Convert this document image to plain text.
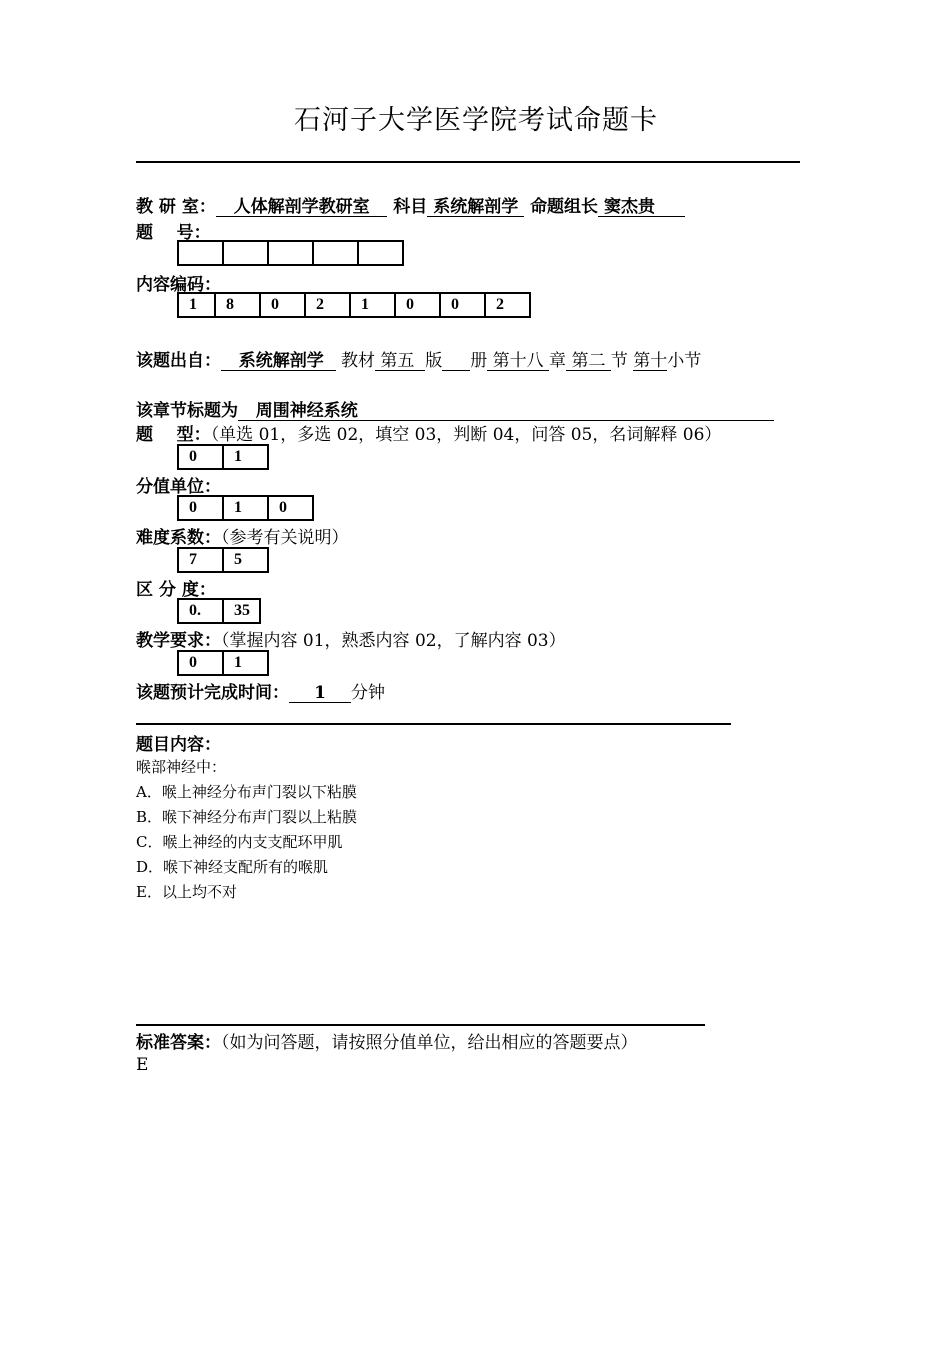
石河子大学医学院考试命题卡
教 研 室： 人体解剖学教研室 科目 系统解剖学 命题组长 窦杰贵
题    号：

内容编码：
1	8	0	2	1	0	0	2
该题出自： 系统解剖学 教材 第五 版 册 第十八 章 第二 节 第十小节
该章节标题为 周围神经系统
题    型：（单选 01，多选 02，填空 03，判断 04，问答 05，名词解释 06）
0	1
分值单位：
0	1	0
难度系数：（参考有关说明）
7	5
区 分 度：
0.	35
教学要求：（掌握内容 01，熟悉内容 02，了解内容 03）
0	1
该题预计完成时间： 1 分钟
题目内容：
喉部神经中：
A．喉上神经分布声门裂以下粘膜
B．喉下神经分布声门裂以上粘膜
C．喉上神经的内支支配环甲肌
D．喉下神经支配所有的喉肌
E．以上均不对
标准答案：（如为问答题，请按照分值单位，给出相应的答题要点）
E
